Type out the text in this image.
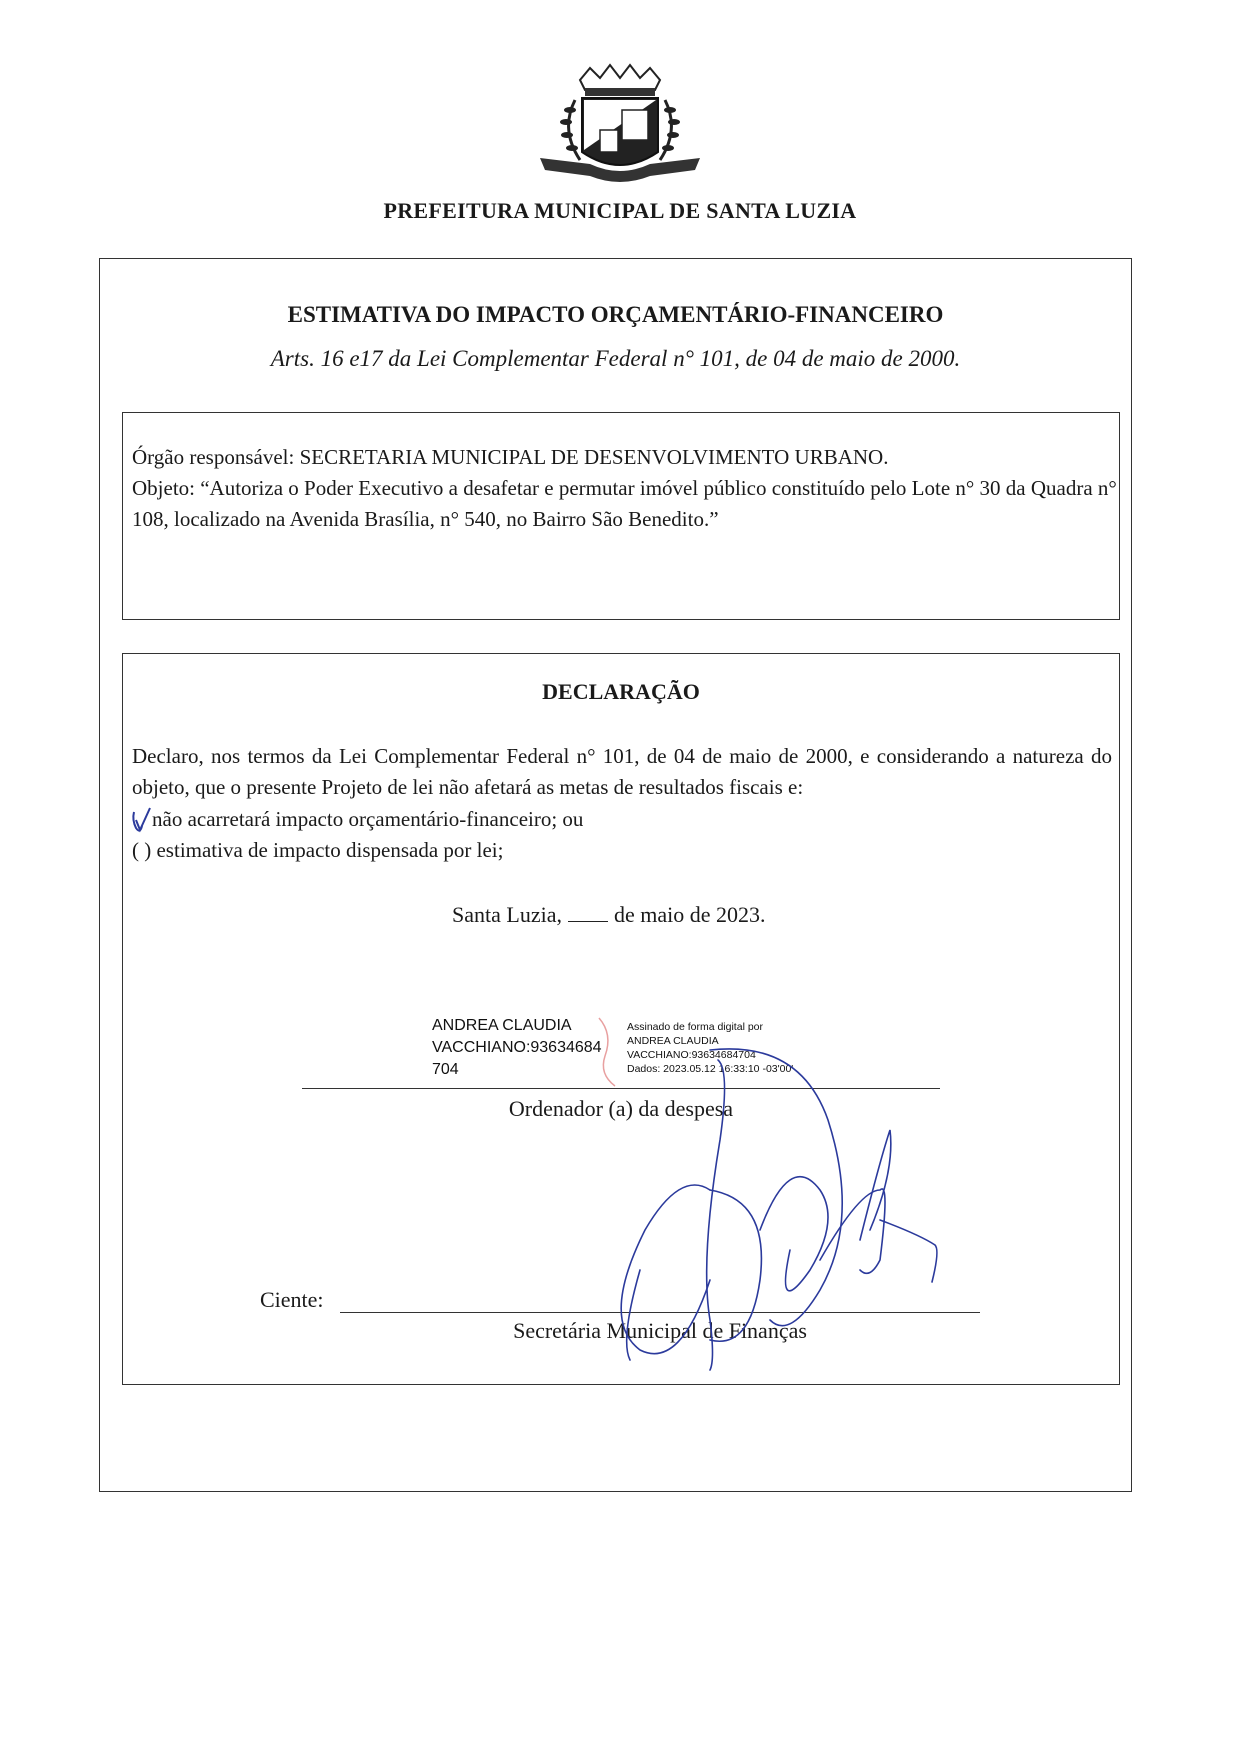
PREFEITURA MUNICIPAL DE SANTA LUZIA
ESTIMATIVA DO IMPACTO ORÇAMENTÁRIO-FINANCEIRO
Arts. 16 e17 da Lei Complementar Federal n° 101, de 04 de maio de 2000.
Órgão responsável: SECRETARIA MUNICIPAL DE DESENVOLVIMENTO URBANO.
Objeto: “Autoriza o Poder Executivo a desafetar e permutar imóvel público constituído pelo Lote n° 30 da Quadra n° 108, localizado na Avenida Brasília, n° 540, no Bairro São Benedito.”
DECLARAÇÃO
Declaro, nos termos da Lei Complementar Federal n° 101, de 04 de maio de 2000, e considerando a natureza do objeto, que o presente Projeto de lei não afetará as metas de resultados fiscais e:
não acarretará impacto orçamentário-financeiro; ou
( ) estimativa de impacto dispensada por lei;
Santa Luzia, de maio de 2023.
ANDREA CLAUDIA
VACCHIANO:93634684
704
Assinado de forma digital por
ANDREA CLAUDIA
VACCHIANO:93634684704
Dados: 2023.05.12 16:33:10 -03'00'
Ordenador (a) da despesa
Ciente:
Secretária Municipal de Finanças
